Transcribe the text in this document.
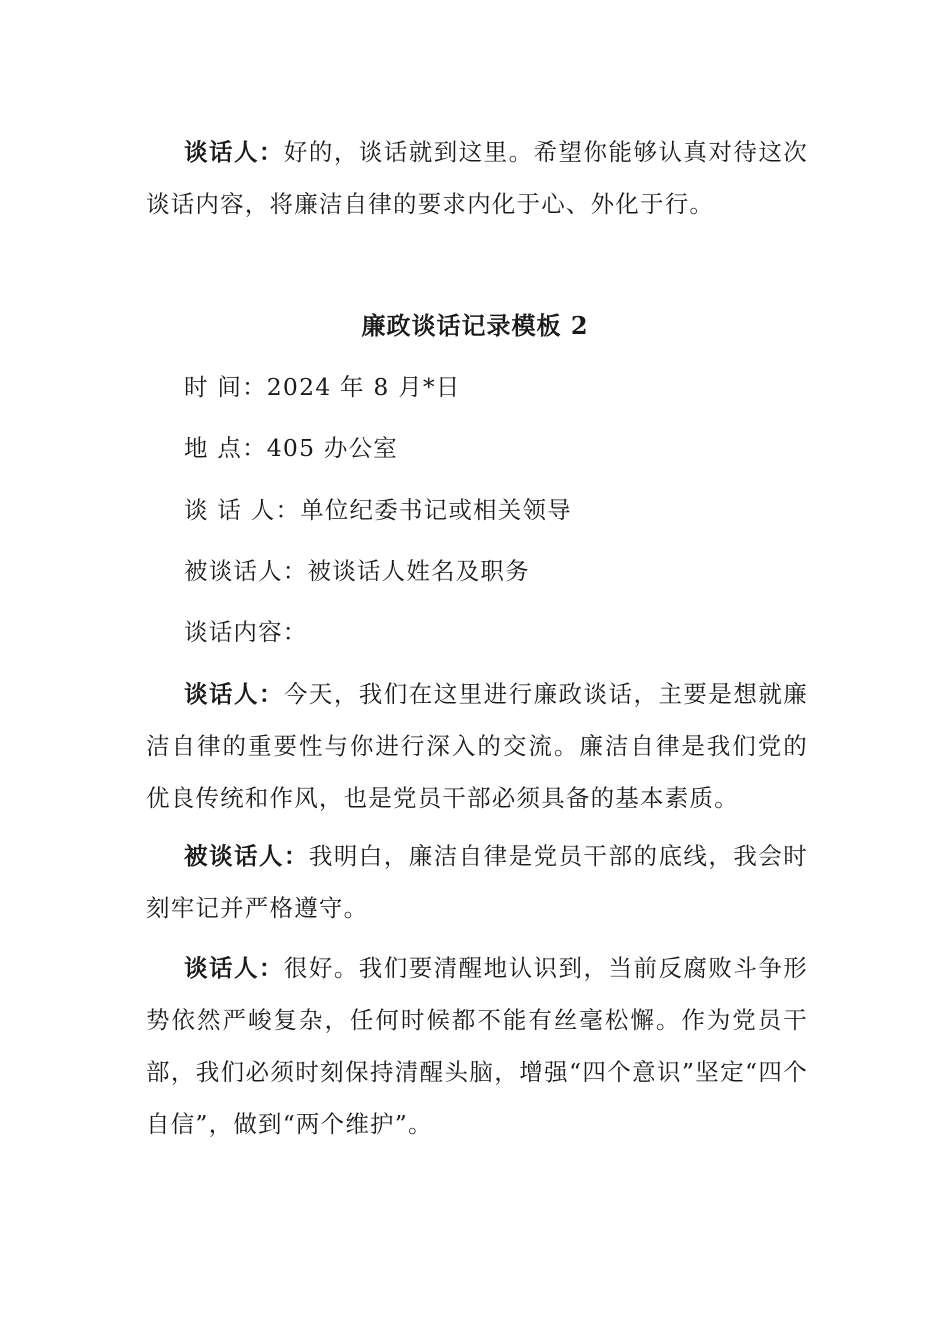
谈话人：好的，谈话就到这里。希望你能够认真对待这次谈话内容，将廉洁自律的要求内化于心、外化于行。

廉政谈话记录模板 2

时 间：2024 年 8 月*日

地 点：405 办公室

谈 话 人：单位纪委书记或相关领导

被谈话人：被谈话人姓名及职务

谈话内容：

谈话人：今天，我们在这里进行廉政谈话，主要是想就廉洁自律的重要性与你进行深入的交流。廉洁自律是我们党的优良传统和作风，也是党员干部必须具备的基本素质。

被谈话人：我明白，廉洁自律是党员干部的底线，我会时刻牢记并严格遵守。

谈话人：很好。我们要清醒地认识到，当前反腐败斗争形势依然严峻复杂，任何时候都不能有丝毫松懈。作为党员干部，我们必须时刻保持清醒头脑，增强“四个意识”坚定“四个自信”，做到“两个维护”。
